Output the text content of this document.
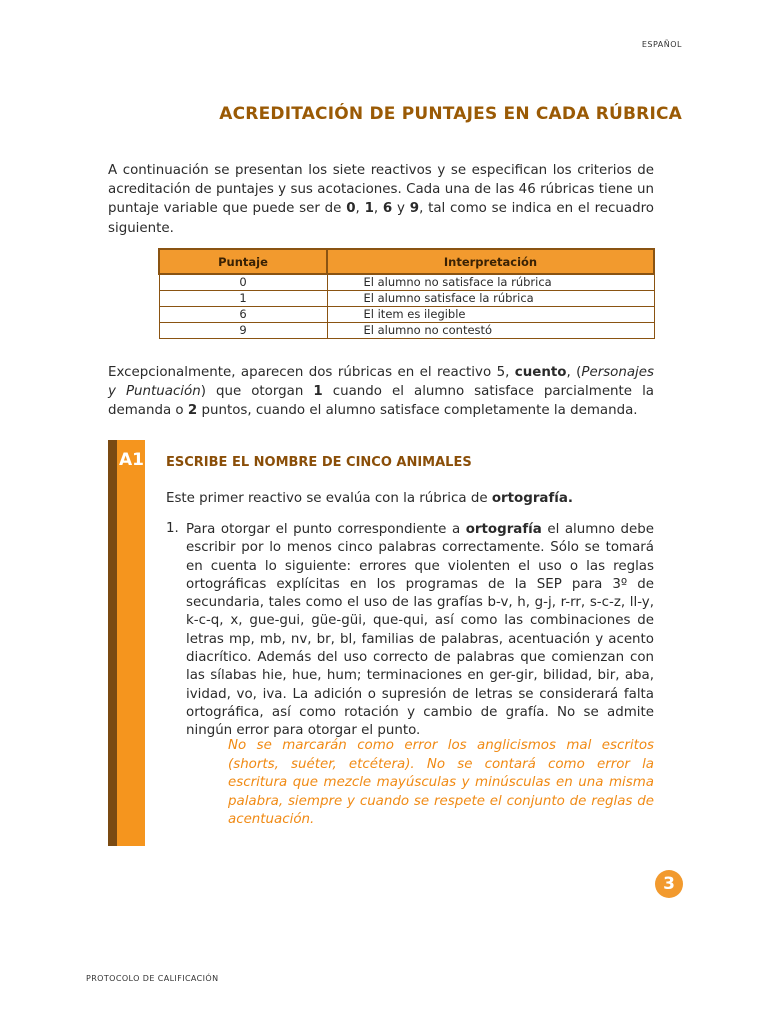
ESPAÑOL
ACREDITACIÓN DE PUNTAJES EN CADA RÚBRICA

A continuación se presentan los siete reactivos y se especifican los criterios de acreditación de puntajes y sus acotaciones. Cada una de las 46 rúbricas tiene un puntaje variable que puede ser de 0, 1, 6 y 9, tal como se indica en el recuadro siguiente.

Puntaje	Interpretación
0	El alumno no satisface la rúbrica
1	El alumno satisface la rúbrica
6	El item es ilegible
9	El alumno no contestó

Excepcionalmente, aparecen dos rúbricas en el reactivo 5, cuento, (Personajes y Puntuación) que otorgan 1 cuando el alumno satisface parcialmente la demanda o 2 puntos, cuando el alumno satisface completamente la demanda.

A1 ESCRIBE EL NOMBRE DE CINCO ANIMALES

Este primer reactivo se evalúa con la rúbrica de ortografía.

1. Para otorgar el punto correspondiente a ortografía el alumno debe escribir por lo menos cinco palabras correctamente. Sólo se tomará en cuenta lo siguiente: errores que violenten el uso o las reglas ortográficas explícitas en los programas de la SEP para 3º de secundaria, tales como el uso de las grafías b-v, h, g-j, r-rr, s-c-z, ll-y, k-c-q, x, gue-gui, güe-güi, que-qui, así como las combinaciones de letras mp, mb, nv, br, bl, familias de palabras, acentuación y acento diacrítico. Además del uso correcto de palabras que comienzan con las sílabas hie, hue, hum; terminaciones en ger-gir, bilidad, bir, aba, ividad, vo, iva. La adición o supresión de letras se considerará falta ortográfica, así como rotación y cambio de grafía. No se admite ningún error para otorgar el punto.

No se marcarán como error los anglicismos mal escritos (shorts, suéter, etcétera). No se contará como error la escritura que mezcle mayúsculas y minúsculas en una misma palabra, siempre y cuando se respete el conjunto de reglas de acentuación.

3
PROTOCOLO DE CALIFICACIÓN
